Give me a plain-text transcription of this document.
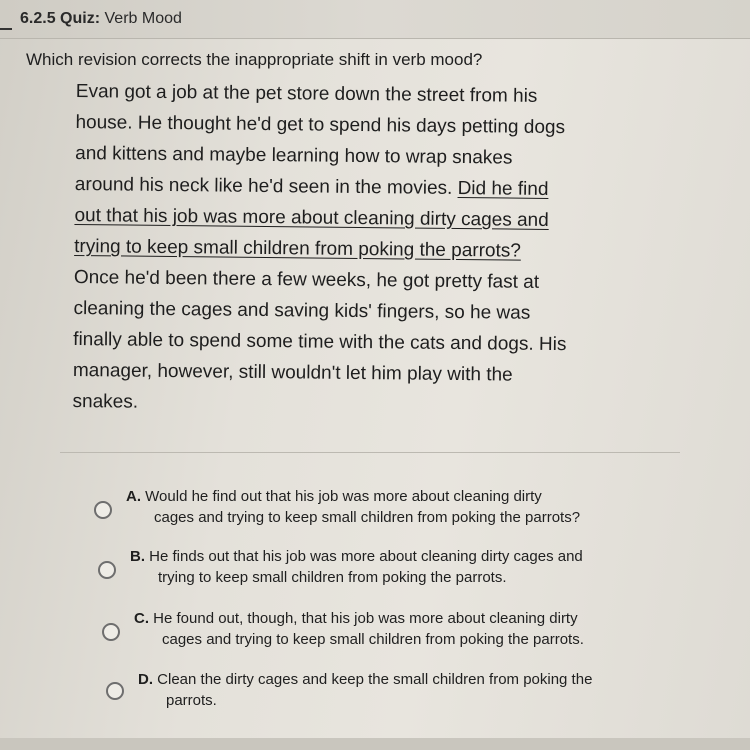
6.2.5 Quiz: Verb Mood
Which revision corrects the inappropriate shift in verb mood?
Evan got a job at the pet store down the street from his
house. He thought he'd get to spend his days petting dogs
and kittens and maybe learning how to wrap snakes
around his neck like he'd seen in the movies. Did he find
out that his job was more about cleaning dirty cages and
trying to keep small children from poking the parrots?
Once he'd been there a few weeks, he got pretty fast at
cleaning the cages and saving kids' fingers, so he was
finally able to spend some time with the cats and dogs. His
manager, however, still wouldn't let him play with the
snakes.
A. Would he find out that his job was more about cleaning dirty
cages and trying to keep small children from poking the parrots?
B. He finds out that his job was more about cleaning dirty cages and
trying to keep small children from poking the parrots.
C. He found out, though, that his job was more about cleaning dirty
cages and trying to keep small children from poking the parrots.
D. Clean the dirty cages and keep the small children from poking the
parrots.
